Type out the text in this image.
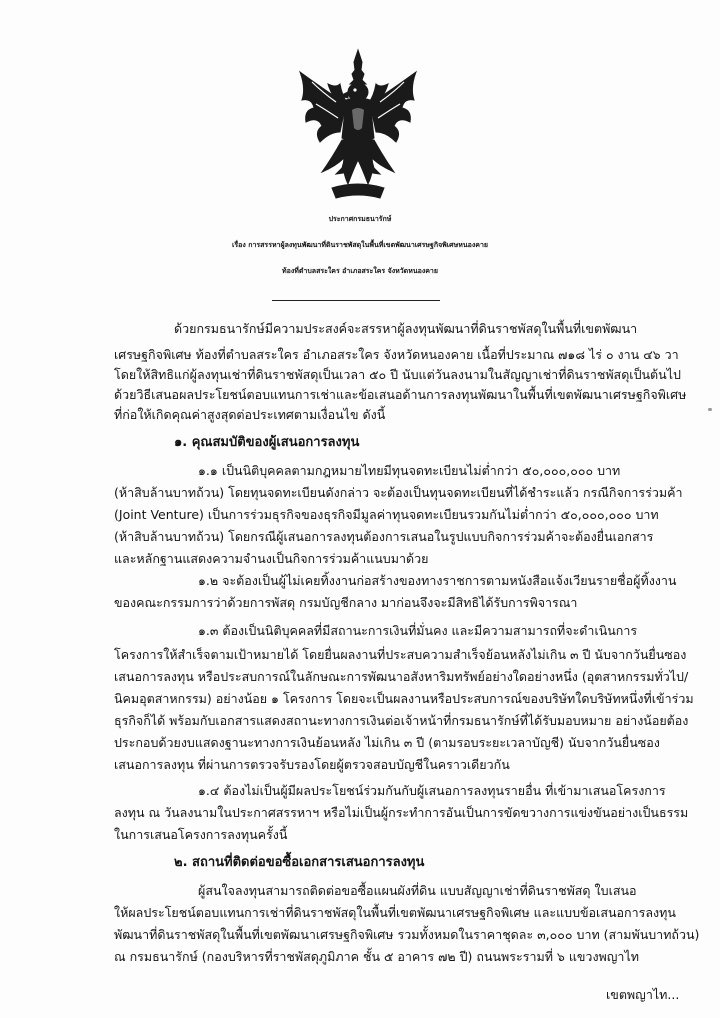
ประกาศกรมธนารักษ์
เรื่อง การสรรหาผู้ลงทุนพัฒนาที่ดินราชพัสดุในพื้นที่เขตพัฒนาเศรษฐกิจพิเศษหนองคาย
ท้องที่ตำบลสระใคร อำเภอสระใคร จังหวัดหนองคาย
ด้วยกรมธนารักษ์มีความประสงค์จะสรรหาผู้ลงทุนพัฒนาที่ดินราชพัสดุในพื้นที่เขตพัฒนา
เศรษฐกิจพิเศษ ท้องที่ตำบลสระใคร อำเภอสระใคร จังหวัดหนองคาย เนื้อที่ประมาณ ๗๑๘ ไร่ ๐ งาน ๔๖ วา
โดยให้สิทธิแก่ผู้ลงทุนเช่าที่ดินราชพัสดุเป็นเวลา ๕๐ ปี นับแต่วันลงนามในสัญญาเช่าที่ดินราชพัสดุเป็นต้นไป
ด้วยวิธีเสนอผลประโยชน์ตอบแทนการเช่าและข้อเสนอด้านการลงทุนพัฒนาในพื้นที่เขตพัฒนาเศรษฐกิจพิเศษ
ที่ก่อให้เกิดคุณค่าสูงสุดต่อประเทศตามเงื่อนไข ดังนี้
๑. คุณสมบัติของผู้เสนอการลงทุน
๑.๑ เป็นนิติบุคคลตามกฎหมายไทยมีทุนจดทะเบียนไม่ต่ำกว่า ๕๐,๐๐๐,๐๐๐ บาท
(ห้าสิบล้านบาทถ้วน) โดยทุนจดทะเบียนดังกล่าว จะต้องเป็นทุนจดทะเบียนที่ได้ชำระแล้ว กรณีกิจการร่วมค้า
(Joint Venture) เป็นการร่วมธุรกิจของธุรกิจมีมูลค่าทุนจดทะเบียนรวมกันไม่ต่ำกว่า ๕๐,๐๐๐,๐๐๐ บาท
(ห้าสิบล้านบาทถ้วน) โดยกรณีผู้เสนอการลงทุนต้องการเสนอในรูปแบบกิจการร่วมค้าจะต้องยื่นเอกสาร
และหลักฐานแสดงความจำนงเป็นกิจการร่วมค้าแนบมาด้วย
๑.๒ จะต้องเป็นผู้ไม่เคยทิ้งงานก่อสร้างของทางราชการตามหนังสือแจ้งเวียนรายชื่อผู้ทิ้งงาน
ของคณะกรรมการว่าด้วยการพัสดุ กรมบัญชีกลาง มาก่อนจึงจะมีสิทธิได้รับการพิจารณา
๑.๓ ต้องเป็นนิติบุคคลที่มีสถานะการเงินที่มั่นคง และมีความสามารถที่จะดำเนินการ
โครงการให้สำเร็จตามเป้าหมายได้ โดยยื่นผลงานที่ประสบความสำเร็จย้อนหลังไม่เกิน ๓ ปี นับจากวันยื่นซอง
เสนอการลงทุน หรือประสบการณ์ในลักษณะการพัฒนาอสังหาริมทรัพย์อย่างใดอย่างหนึ่ง (อุตสาหกรรมทั่วไป/
นิคมอุตสาหกรรม) อย่างน้อย ๑ โครงการ โดยจะเป็นผลงานหรือประสบการณ์ของบริษัทใดบริษัทหนึ่งที่เข้าร่วม
ธุรกิจก็ได้ พร้อมกับเอกสารแสดงสถานะทางการเงินต่อเจ้าหน้าที่กรมธนารักษ์ที่ได้รับมอบหมาย อย่างน้อยต้อง
ประกอบด้วยงบแสดงฐานะทางการเงินย้อนหลัง ไม่เกิน ๓ ปี (ตามรอบระยะเวลาบัญชี) นับจากวันยื่นซอง
เสนอการลงทุน ที่ผ่านการตรวจรับรองโดยผู้ตรวจสอบบัญชีในคราวเดียวกัน
๑.๔ ต้องไม่เป็นผู้มีผลประโยชน์ร่วมกันกับผู้เสนอการลงทุนรายอื่น ที่เข้ามาเสนอโครงการ
ลงทุน ณ วันลงนามในประกาศสรรหาฯ หรือไม่เป็นผู้กระทำการอันเป็นการขัดขวางการแข่งขันอย่างเป็นธรรม
ในการเสนอโครงการลงทุนครั้งนี้
๒. สถานที่ติดต่อขอซื้อเอกสารเสนอการลงทุน
ผู้สนใจลงทุนสามารถติดต่อขอซื้อแผนผังที่ดิน แบบสัญญาเช่าที่ดินราชพัสดุ ใบเสนอ
ให้ผลประโยชน์ตอบแทนการเช่าที่ดินราชพัสดุในพื้นที่เขตพัฒนาเศรษฐกิจพิเศษ และแบบข้อเสนอการลงทุน
พัฒนาที่ดินราชพัสดุในพื้นที่เขตพัฒนาเศรษฐกิจพิเศษ รวมทั้งหมดในราคาชุดละ ๓,๐๐๐ บาท (สามพันบาทถ้วน)
ณ กรมธนารักษ์ (กองบริหารที่ราชพัสดุภูมิภาค ชั้น ๕ อาคาร ๗๒ ปี) ถนนพระรามที่ ๖ แขวงพญาไท
เขตพญาไท...
